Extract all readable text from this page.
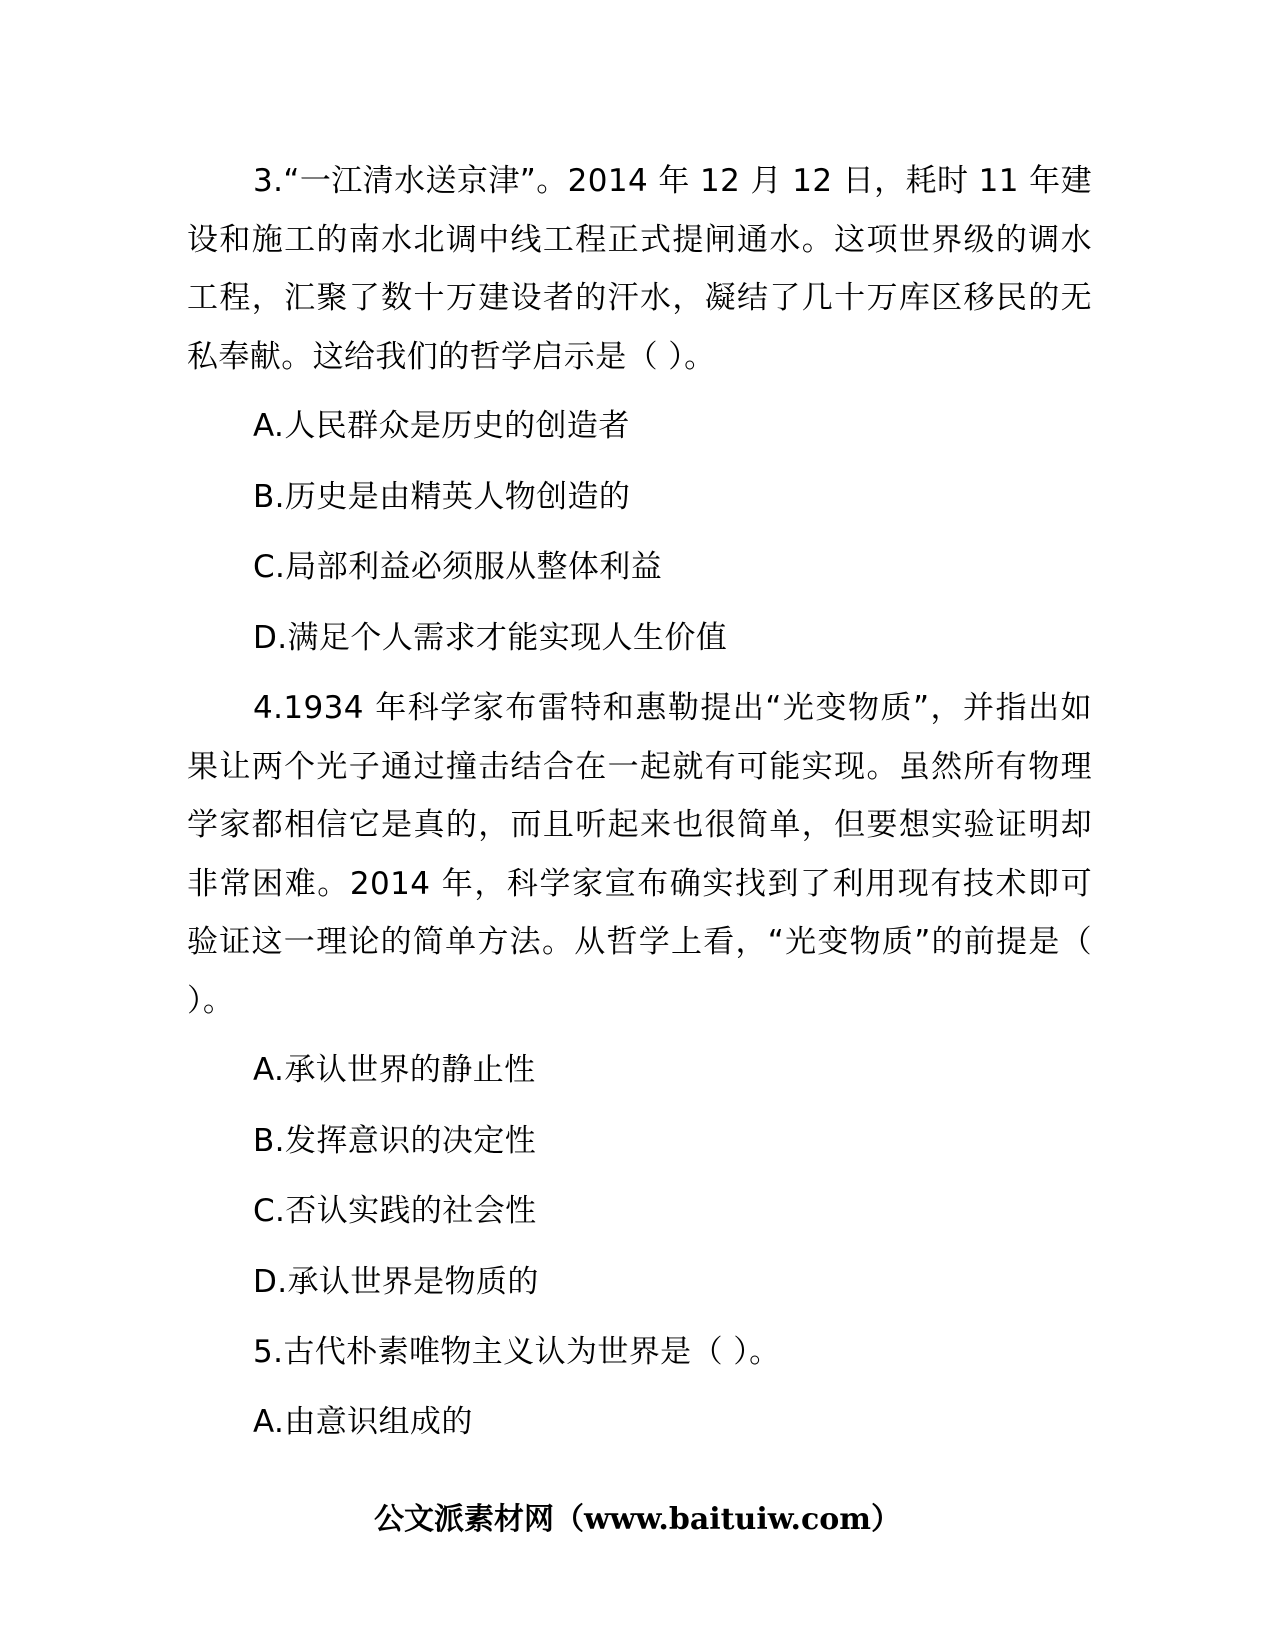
3.“一江清水送京津”。2014 年 12 月 12 日，耗时 11 年建设和施工的南水北调中线工程正式提闸通水。这项世界级的调水工程，汇聚了数十万建设者的汗水，凝结了几十万库区移民的无私奉献。这给我们的哲学启示是（ ）。

A.人民群众是历史的创造者

B.历史是由精英人物创造的

C.局部利益必须服从整体利益

D.满足个人需求才能实现人生价值

4.1934 年科学家布雷特和惠勒提出“光变物质”，并指出如果让两个光子通过撞击结合在一起就有可能实现。虽然所有物理学家都相信它是真的，而且听起来也很简单，但要想实验证明却非常困难。2014 年，科学家宣布确实找到了利用现有技术即可验证这一理论的简单方法。从哲学上看，“光变物质”的前提是（ ）。

A.承认世界的静止性

B.发挥意识的决定性

C.否认实践的社会性

D.承认世界是物质的

5.古代朴素唯物主义认为世界是（ ）。

A.由意识组成的

公文派素材网（www.baituiw.com）
